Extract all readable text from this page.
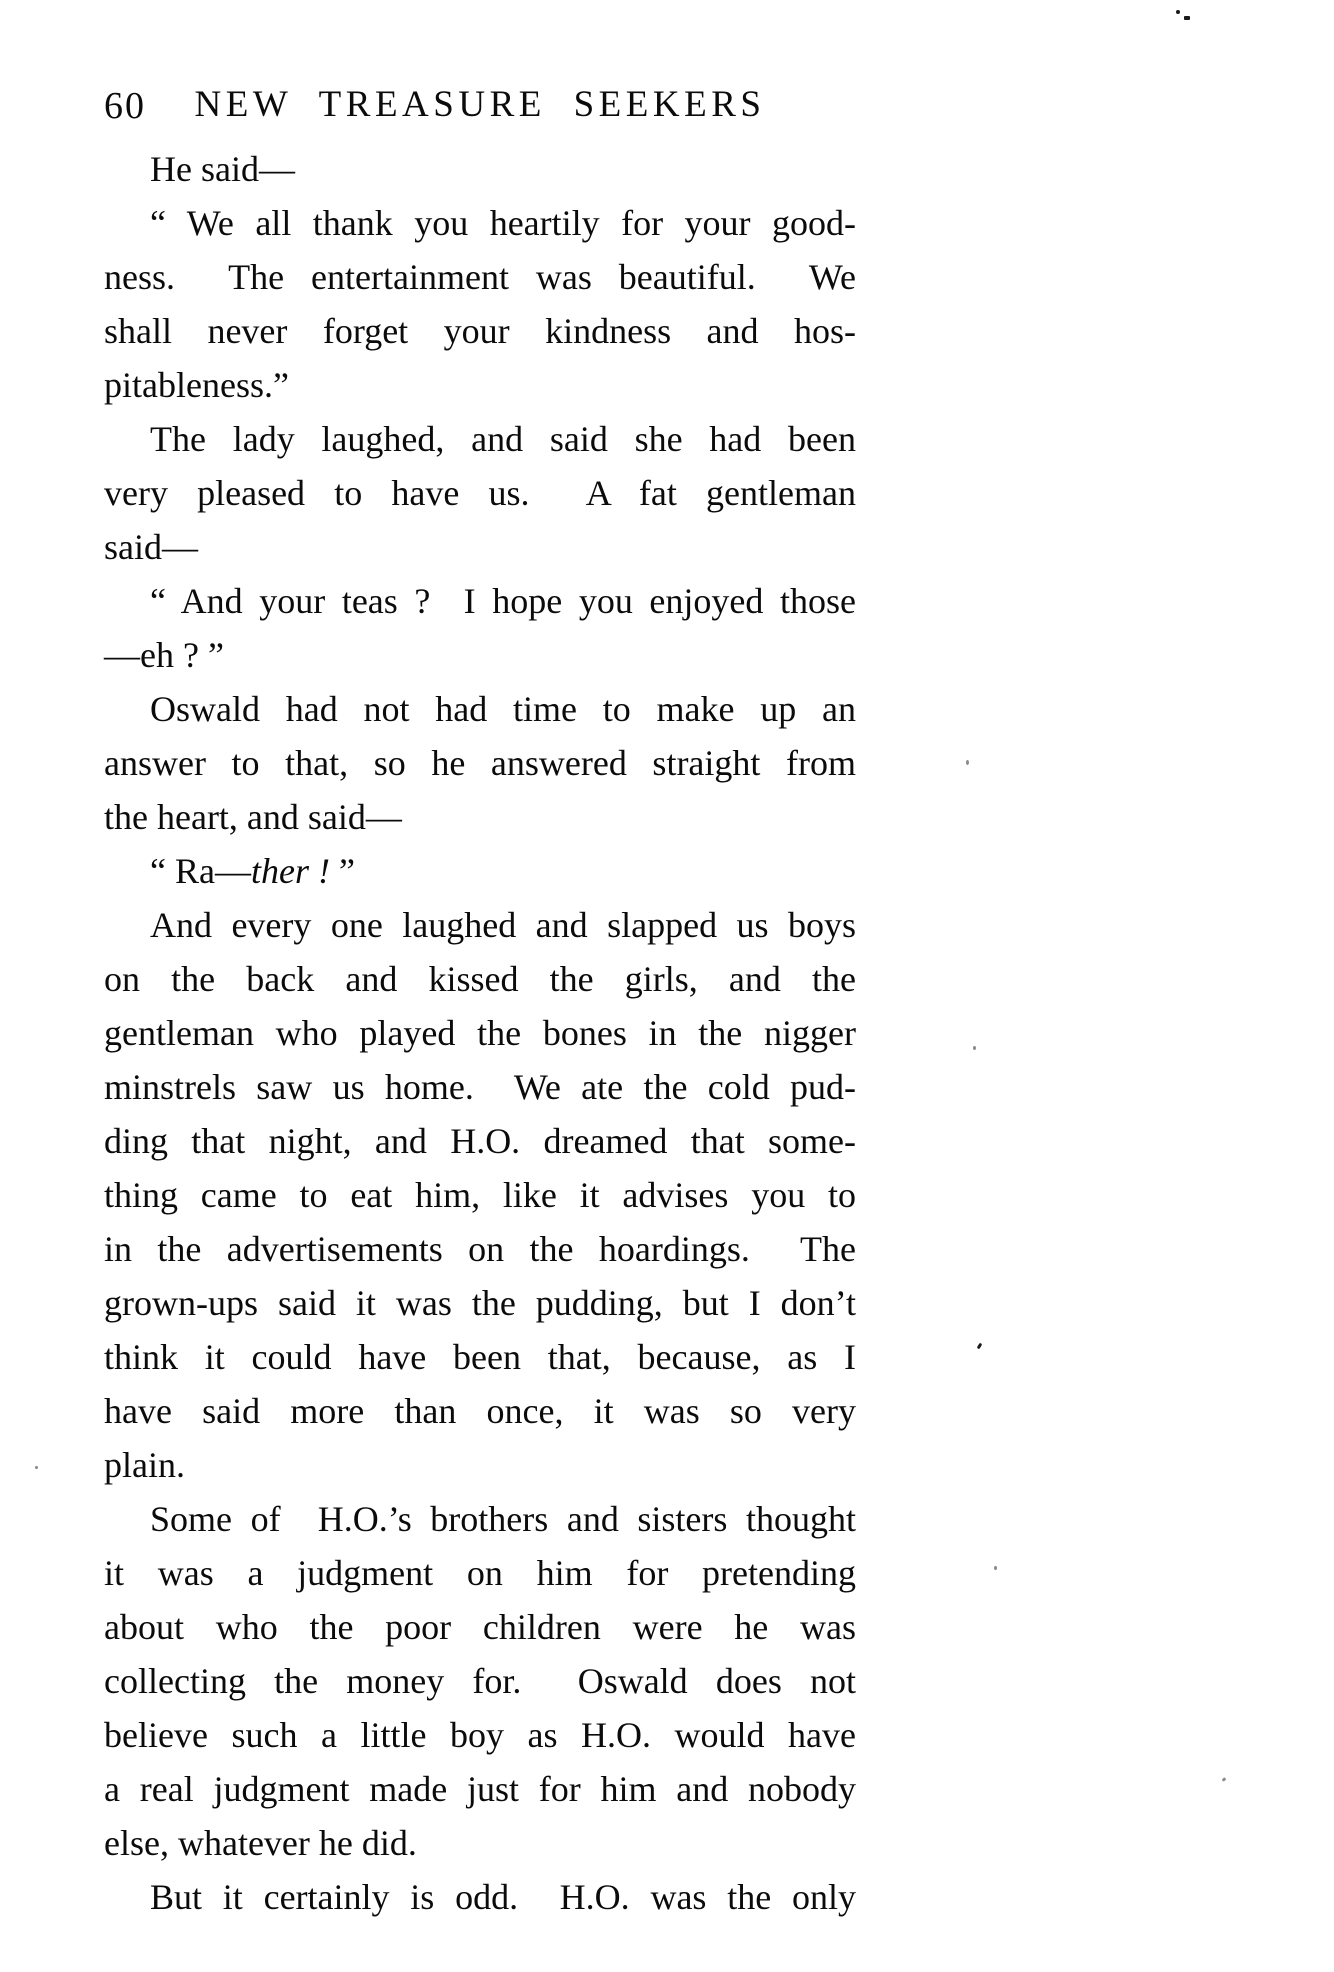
60	NEW TREASURE SEEKERS
He said—
“ We all thank you heartily for your good-
ness.  The entertainment was beautiful.  We
shall never forget your kindness and hos-
pitableness.”
The lady laughed, and said she had been
very pleased to have us.  A fat gentleman
said—
“ And your teas ?  I hope you enjoyed those
—eh ? ”
Oswald had not had time to make up an
answer to that, so he answered straight from
the heart, and said—
“ Ra—ther ! ”
And every one laughed and slapped us boys
on the back and kissed the girls, and the
gentleman who played the bones in the nigger
minstrels saw us home.  We ate the cold pud-
ding that night, and H.O. dreamed that some-
thing came to eat him, like it advises you to
in the advertisements on the hoardings.  The
grown-ups said it was the pudding, but I don’t
think it could have been that, because, as I
have said more than once, it was so very
plain.
Some of  H.O.’s brothers and sisters thought
it was a judgment on him for pretending
about who the poor children were he was
collecting the money for.  Oswald does not
believe such a little boy as H.O. would have
a real judgment made just for him and nobody
else, whatever he did.
But it certainly is odd.  H.O. was the only
